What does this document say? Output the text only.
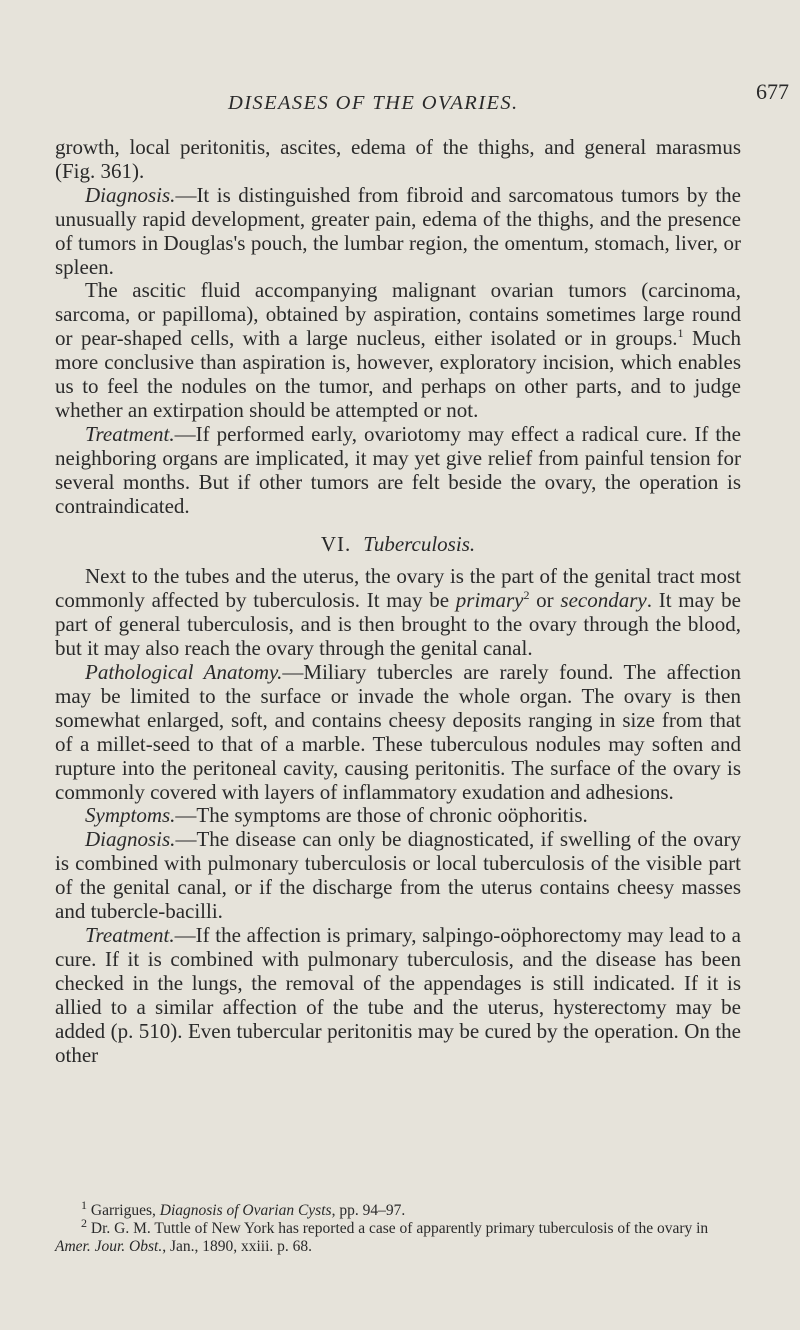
DISEASES OF THE OVARIES.	677

growth, local peritonitis, ascites, edema of the thighs, and general marasmus (Fig. 361).

Diagnosis.—It is distinguished from fibroid and sarcomatous tumors by the unusually rapid development, greater pain, edema of the thighs, and the presence of tumors in Douglas's pouch, the lumbar region, the omentum, stomach, liver, or spleen.

The ascitic fluid accompanying malignant ovarian tumors (carcinoma, sarcoma, or papilloma), obtained by aspiration, contains sometimes large round or pear-shaped cells, with a large nucleus, either isolated or in groups.$^1$ Much more conclusive than aspiration is, however, exploratory incision, which enables us to feel the nodules on the tumor, and perhaps on other parts, and to judge whether an extirpation should be attempted or not.

Treatment.—If performed early, ovariotomy may effect a radical cure. If the neighboring organs are implicated, it may yet give relief from painful tension for several months. But if other tumors are felt beside the ovary, the operation is contraindicated.

VI. Tuberculosis.

Next to the tubes and the uterus, the ovary is the part of the genital tract most commonly affected by tuberculosis. It may be primary$^2$ or secondary. It may be part of general tuberculosis, and is then brought to the ovary through the blood, but it may also reach the ovary through the genital canal.

Pathological Anatomy.—Miliary tubercles are rarely found. The affection may be limited to the surface or invade the whole organ. The ovary is then somewhat enlarged, soft, and contains cheesy deposits ranging in size from that of a millet-seed to that of a marble. These tuberculous nodules may soften and rupture into the peritoneal cavity, causing peritonitis. The surface of the ovary is commonly covered with layers of inflammatory exudation and adhesions.

Symptoms.—The symptoms are those of chronic oöphoritis.

Diagnosis.—The disease can only be diagnosticated, if swelling of the ovary is combined with pulmonary tuberculosis or local tuberculosis of the visible part of the genital canal, or if the discharge from the uterus contains cheesy masses and tubercle-bacilli.

Treatment.—If the affection is primary, salpingo-oöphorectomy may lead to a cure. If it is combined with pulmonary tuberculosis, and the disease has been checked in the lungs, the removal of the appendages is still indicated. If it is allied to a similar affection of the tube and the uterus, hysterectomy may be added (p. 510). Even tubercular peritonitis may be cured by the operation. On the other

$^1$ Garrigues, Diagnosis of Ovarian Cysts, pp. 94–97.

$^2$ Dr. G. M. Tuttle of New York has reported a case of apparently primary tuberculosis of the ovary in Amer. Jour. Obst., Jan., 1890, xxiii. p. 68.
